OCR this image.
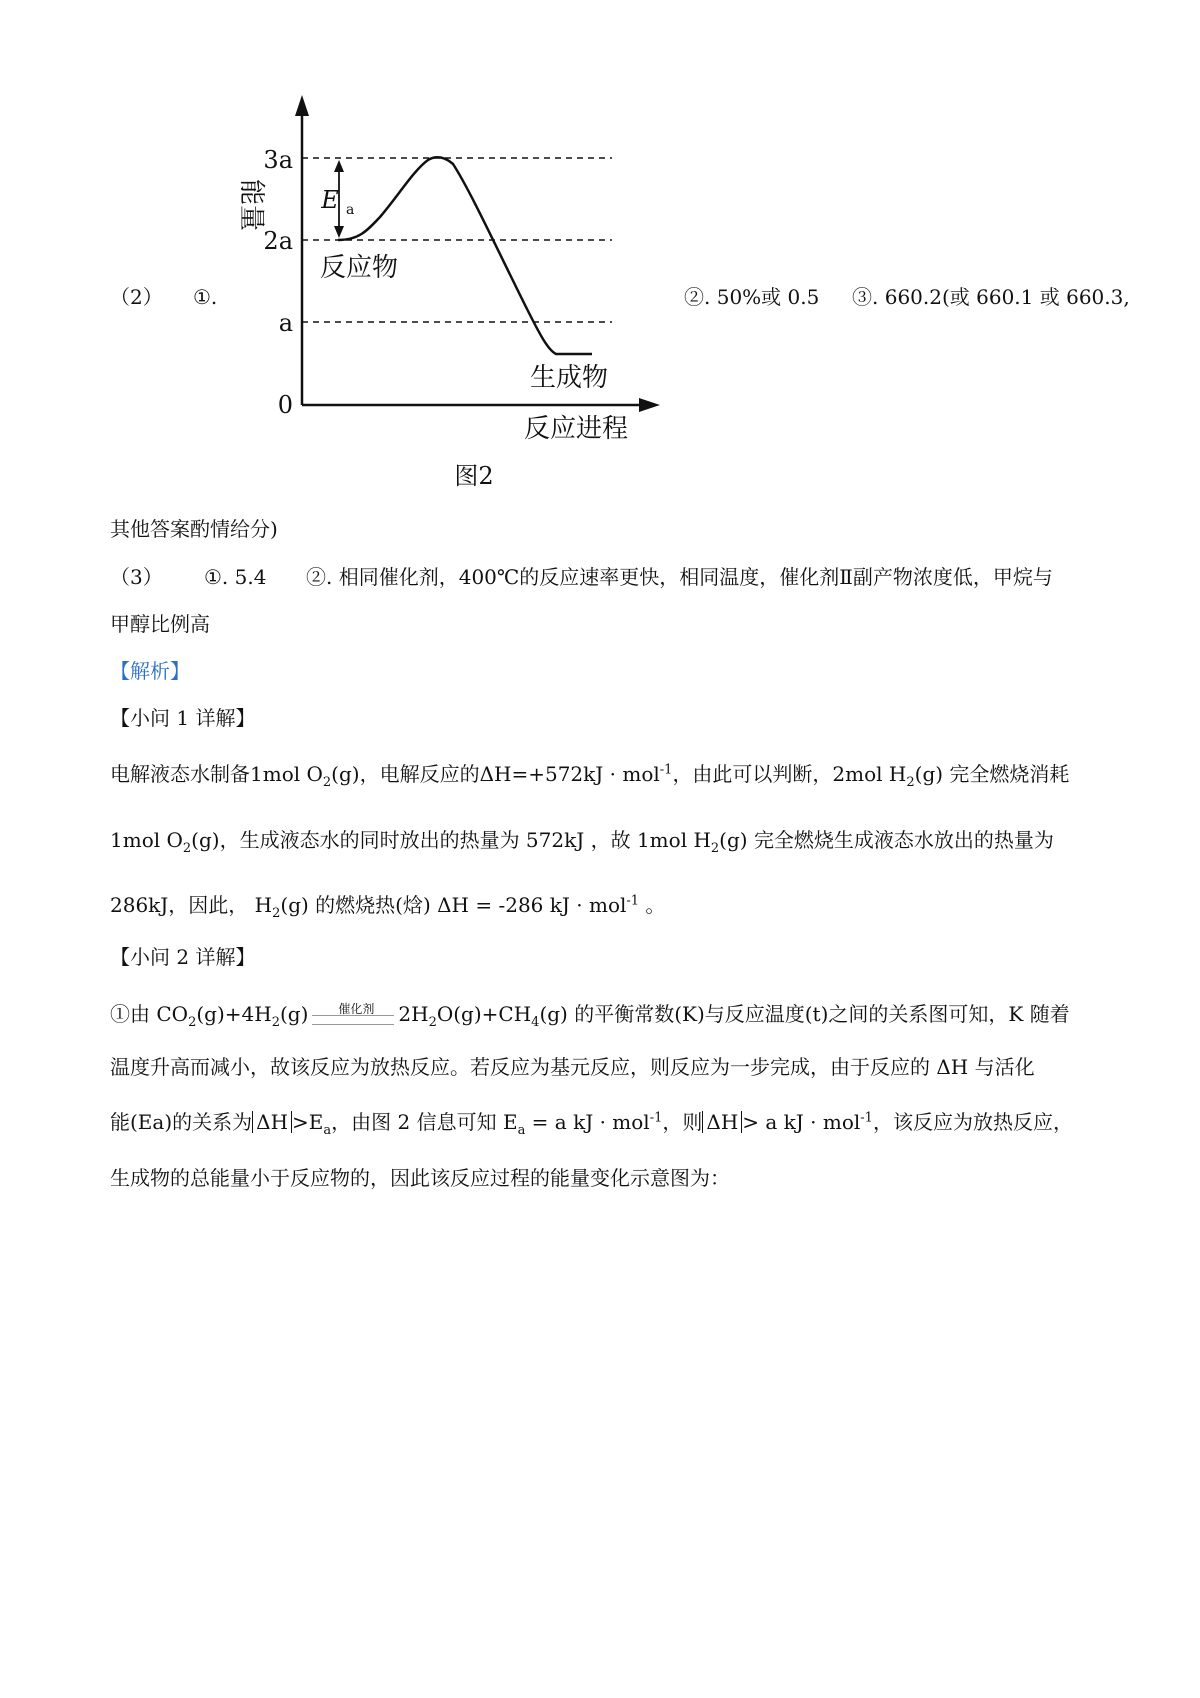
能量
3a
2a
a
0
E a
反应物
生成物
反应进程
图2
（2） ①.	②. 50%或 0.5 ③. 660.2(或 660.1 或 660.3,
其他答案酌情给分)
（3） ①. 5.4 ②. 相同催化剂，400℃的反应速率更快，相同温度，催化剂Ⅱ副产物浓度低，甲烷与
甲醇比例高
【解析】
【小问 1 详解】
电解液态水制备1mol $O_2(g)$，电解反应的ΔH=+572kJ · mol$^{-1}$，由此可以判断，2mol $H_2(g)$ 完全燃烧消耗
1mol $O_2(g)$，生成液态水的同时放出的热量为 572kJ ，故 1mol $H_2(g)$ 完全燃烧生成液态水放出的热量为
286kJ，因此， $H_2(g)$ 的燃烧热(焓) ΔH = -286 kJ · mol$^{-1}$ 。
【小问 2 详解】
①由 $CO_2(g)+4H_2(g)$	催化剂 $2H_2O(g)+CH_4(g)$ 的平衡常数(K)与反应温度(t)之间的关系图可知，K 随着
温度升高而减小，故该反应为放热反应。若反应为基元反应，则反应为一步完成，由于反应的 ΔH 与活化
能(Ea)的关系为 $\Delta H >E_a$，由图 2 信息可知 $E_a = a$ kJ · mol$^{-1}$，则 ΔH > a kJ · mol$^{-1}$，该反应为放热反应，
生成物的总能量小于反应物的，因此该反应过程的能量变化示意图为：
